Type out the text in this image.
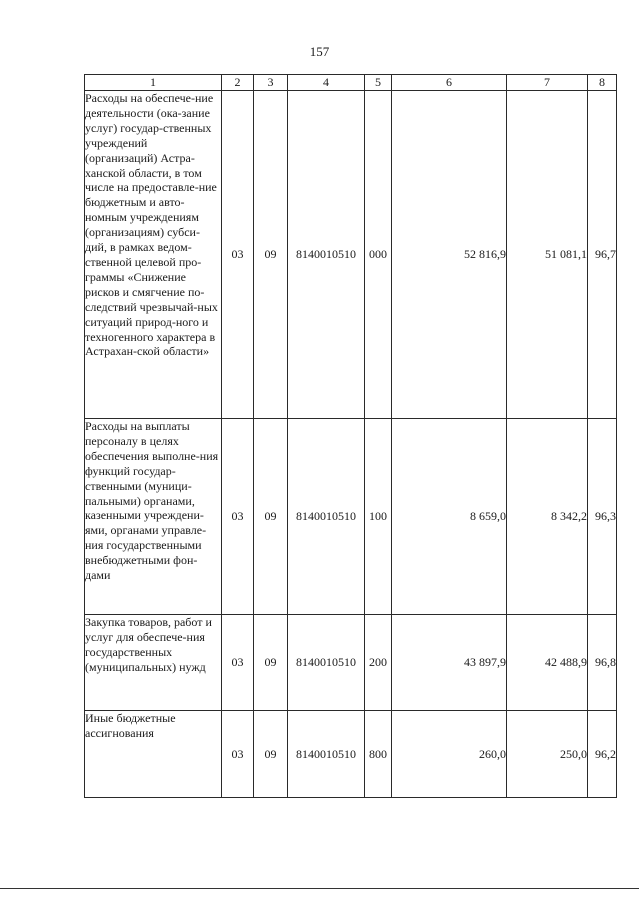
157
1	2	3	4	5	6	7	8
Расходы на обеспече-ние деятельности (ока-зание услуг) государ-ственных учреждений (организаций) Астра-ханской области, в том числе на предоставле-ние бюджетным и авто-номным учреждениям (организациям) субси-дий, в рамках ведом-ственной целевой про-граммы «Снижение рисков и смягчение по-следствий чрезвычай-ных ситуаций природ-ного и техногенного характера в Астрахан-ской области»	03	09	8140010510	000	52 816,9	51 081,1	96,7
Расходы на выплаты персоналу в целях обеспечения выполне-ния функций государ-ственными (муници-пальными) органами, казенными учреждени-ями, органами управле-ния государственными внебюджетными фон-дами	03	09	8140010510	100	8 659,0	8 342,2	96,3
Закупка товаров, работ и услуг для обеспече-ния государственных (муниципальных) нужд	03	09	8140010510	200	43 897,9	42 488,9	96,8
Иные бюджетные ассигнования	03	09	8140010510	800	260,0	250,0	96,2
